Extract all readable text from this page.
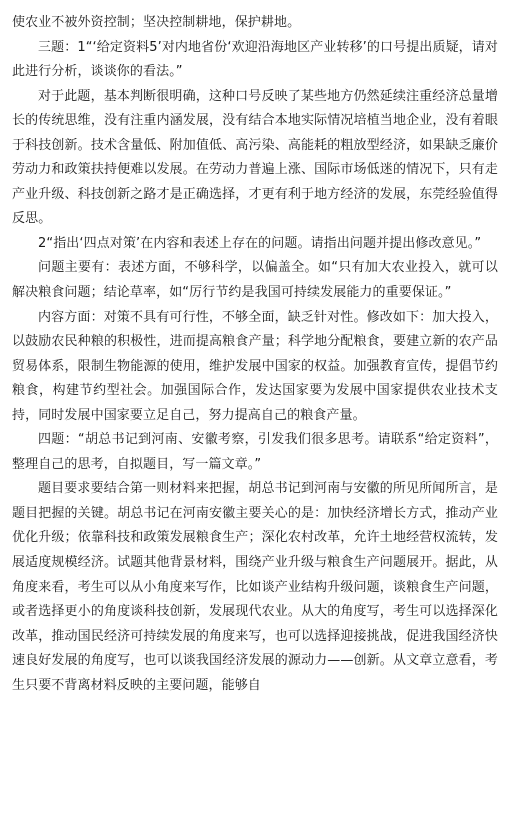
使农业不被外资控制；坚决控制耕地，保护耕地。

三题：1“‘给定资料5’对内地省份‘欢迎沿海地区产业转移’的口号提出质疑，请对此进行分析，谈谈你的看法。”

对于此题，基本判断很明确，这种口号反映了某些地方仍然延续注重经济总量增长的传统思维，没有注重内涵发展，没有结合本地实际情况培植当地企业，没有着眼于科技创新。技术含量低、附加值低、高污染、高能耗的粗放型经济，如果缺乏廉价劳动力和政策扶持便难以发展。在劳动力普遍上涨、国际市场低迷的情况下，只有走产业升级、科技创新之路才是正确选择，才更有利于地方经济的发展，东莞经验值得反思。

2“指出‘四点对策’在内容和表述上存在的问题。请指出问题并提出修改意见。”

问题主要有：表述方面，不够科学，以偏盖全。如“只有加大农业投入，就可以解决粮食问题；结论草率，如“厉行节约是我国可持续发展能力的重要保证。”

内容方面：对策不具有可行性，不够全面，缺乏针对性。修改如下：加大投入，以鼓励农民种粮的积极性，进而提高粮食产量；科学地分配粮食，要建立新的农产品贸易体系，限制生物能源的使用，维护发展中国家的权益。加强教育宣传，提倡节约粮食，构建节约型社会。加强国际合作，发达国家要为发展中国家提供农业技术支持，同时发展中国家要立足自己，努力提高自己的粮食产量。

四题：“胡总书记到河南、安徽考察，引发我们很多思考。请联系“给定资料”，整理自己的思考，自拟题目，写一篇文章。”

题目要求要结合第一则材料来把握，胡总书记到河南与安徽的所见所闻所言，是题目把握的关键。胡总书记在河南安徽主要关心的是：加快经济增长方式，推动产业优化升级；依靠科技和政策发展粮食生产；深化农村改革，允许土地经营权流转，发展适度规模经济。试题其他背景材料，围绕产业升级与粮食生产问题展开。据此，从角度来看，考生可以从小角度来写作，比如谈产业结构升级问题，谈粮食生产问题，或者选择更小的角度谈科技创新，发展现代农业。从大的角度写，考生可以选择深化改革，推动国民经济可持续发展的角度来写，也可以选择迎接挑战，促进我国经济快速良好发展的角度写，也可以谈我国经济发展的源动力——创新。从文章立意看，考生只要不背离材料反映的主要问题，能够自
